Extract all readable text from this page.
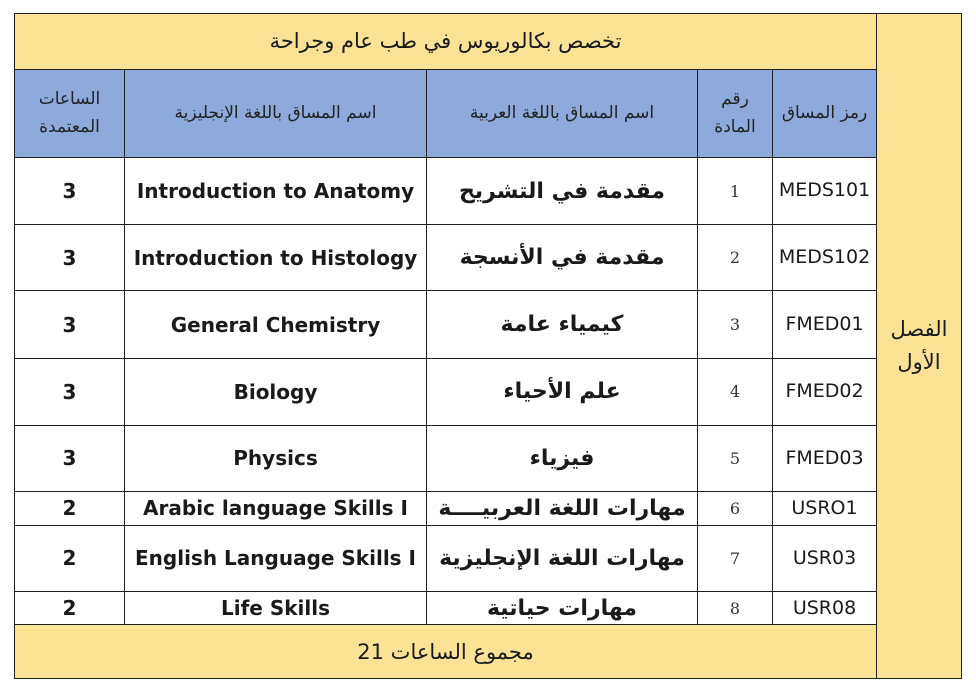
تخصص بكالوريوس في طب عام وجراحة					الفصل الأول
الساعات المعتمدة	اسم المساق باللغة الإنجليزية	اسم المساق باللغة العربية	رقم المادة	رمز المساق	
3	Introduction to Anatomy	مقدمة في التشريح	1	MEDS101	
3	Introduction to Histology	مقدمة في الأنسجة	2	MEDS102	
3	General Chemistry	كيمياء عامة	3	FMED01	
3	Biology	علم الأحياء	4	FMED02	
3	Physics	فيزياء	5	FMED03	
2	Arabic language Skills I	مهارات اللغة العربيــــة	6	USRO1	
2	English Language Skills I	مهارات اللغة الإنجليزية	7	USR03	
2	Life Skills	مهارات حياتية	8	USR08	
مجموع الساعات 21					
